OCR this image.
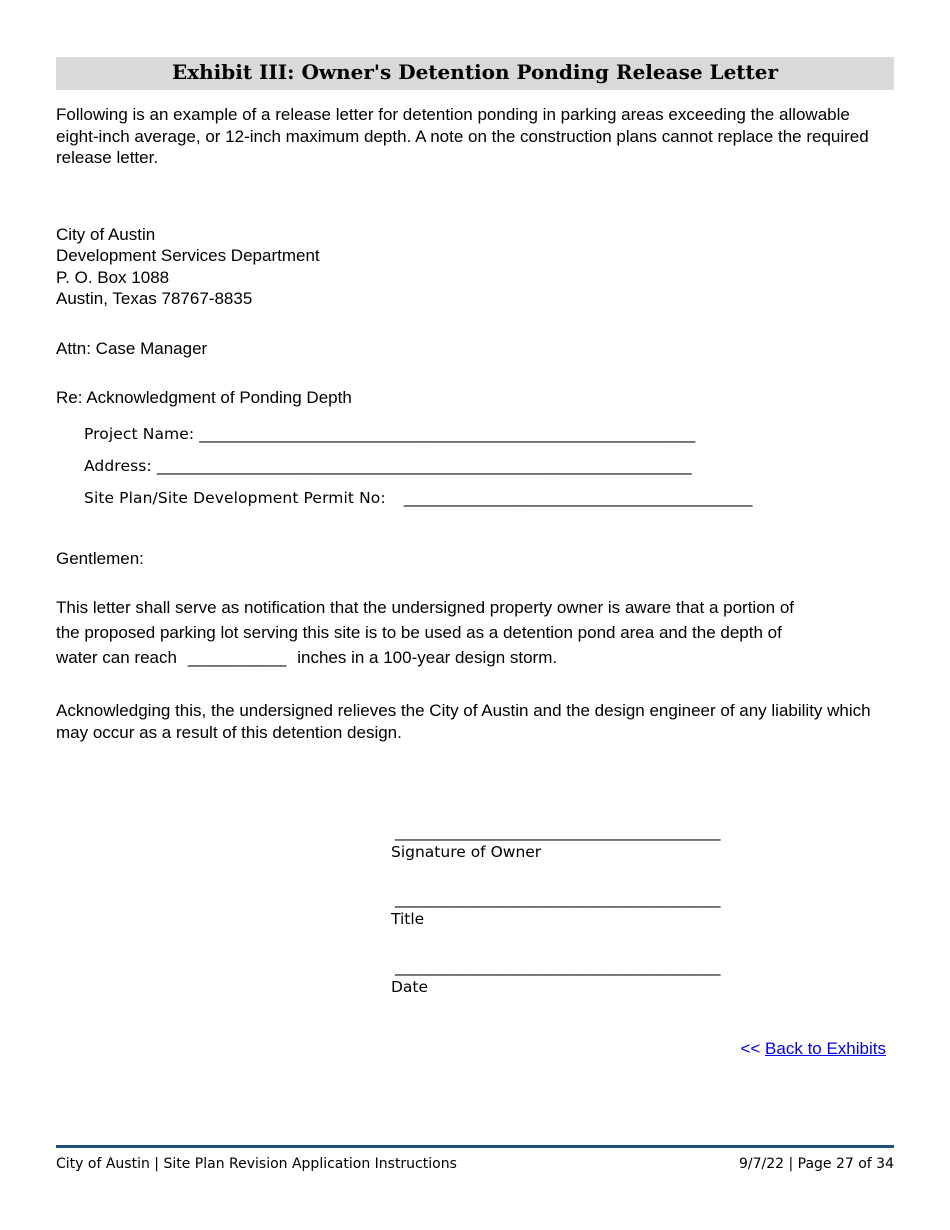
Exhibit III: Owner's Detention Ponding Release Letter
Following is an example of a release letter for detention ponding in parking areas exceeding the allowable eight-inch average, or 12-inch maximum depth. A note on the construction plans cannot replace the required release letter.
City of Austin
Development Services Department
P. O. Box 1088
Austin, Texas 78767-8835
Attn: Case Manager
Re: Acknowledgment of Ponding Depth
Project Name: ________________________________________________________________
Address: _____________________________________________________________________
Site Plan/Site Development Permit No: _____________________________________________
Gentlemen:
This letter shall serve as notification that the undersigned property owner is aware that a portion of
the proposed parking lot serving this site is to be used as a detention pond area and the depth of
water can reach _____________ inches in a 100-year design storm.
Acknowledging this, the undersigned relieves the City of Austin and the design engineer of any liability which may occur as a result of this detention design.
__________________________________________
Signature of Owner
__________________________________________
Title
__________________________________________
Date
<< Back to Exhibits
City of Austin | Site Plan Revision Application Instructions	9/7/22 | Page 27 of 34
